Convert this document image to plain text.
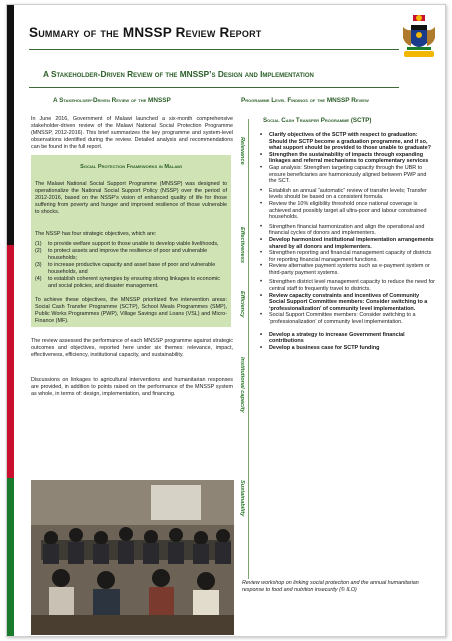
Summary of the MNSSP Review Report
A Stakeholder-Driven Review of the MNSSP’s Design and Implementation
A Stakeholder-Driven Review of the MNSSP
In June 2016, Government of Malawi launched a six-month comprehensive stakeholder-driven review of the Malawi National Social Protection Programme (MNSSP, 2012-2016). This brief summarizes the key programme and system-level observations identified during the review. Detailed analysis and recommendations can be found in the full report.
Social Protection Frameworks in Malawi
The Malawi National Social Support Programme (MNSSP) was designed to operationalize the National Social Support Policy (NSSP) over the period of 2012-2016, based on the NSSP’s vision of enhanced quality of life for those suffering from poverty and hunger and improved resilience of those vulnerable to shocks.
The NSSP has four strategic objectives, which are:
(1) to provide welfare support to those unable to develop viable livelihoods,
(2) to protect assets and improve the resilience of poor and vulnerable households;
(3) to increase productive capacity and asset base of poor and vulnerable households, and
(4) to establish coherent synergies by ensuring strong linkages to economic and social policies, and disaster management.
To achieve these objectives, the MNSSP prioritized five intervention areas: Social Cash Transfer Programme (SCTP), School Meals Programmes (SMP), Public Works Programmes (PWP), Village Savings and Loans (VSL) and Micro-Finance (MF).
The review assessed the performance of each MNSSP programme against strategic outcomes and objectives, reported here under six themes: relevance, impact, effectiveness, efficiency, institutional capacity, and sustainability.
Discussions on linkages to agricultural interventions and humanitarian responses are provided, in addition to points raised on the performance of the MNSSP system as whole, in terms of: design, implementation, and financing.
Programme Level Findings of the MNSSP Review
Social Cash Transfer Programme (SCTP)
Relevance
Effectiveness
Efficiency
Institutional capacity
Sustainability
• Clarify objectives of the SCTP with respect to graduation: Should the SCTP become a graduation programme, and if so, what support should be provided to those unable to graduate?
• Strengthen the sustainability of impacts through expanding linkages and referral mechanisms to complementary services
• Gap analysis: Strengthen targeting capacity through the UBR to ensure beneficiaries are harmoniously aligned between PWP and the SCT.
• Establish an annual “automatic” review of transfer levels; Transfer levels should be based on a consistent formula.
• Review the 10% eligibility threshold once national coverage is achieved and possibly target all ultra-poor and labour constrained households.
• Strengthen financial harmonization and align the operational and financial cycles of donors and implementers.
• Develop harmonized institutional implementation arrangements shared by all donors and implementers.
• Strengthen reporting and financial management capacity of districts for reporting financial management functions.
• Review alternative payment systems such as e-payment system or third-party payment systems.
• Strengthen district level management capacity to reduce the need for central staff to frequently travel to districts.
• Review capacity constraints and incentives of Community Social Support Committee members: Consider switching to a ‘professionalization’ of community level implementation.
• Social Support Committee members: Consider switching to a ‘professionalization’ of community level implementation.
• Develop a strategy to increase Government financial contributions
• Develop a business case for SCTP funding
Review workshop on linking social protection and the annual humanitarian response to food and nutrition insecurity (© ILO)
